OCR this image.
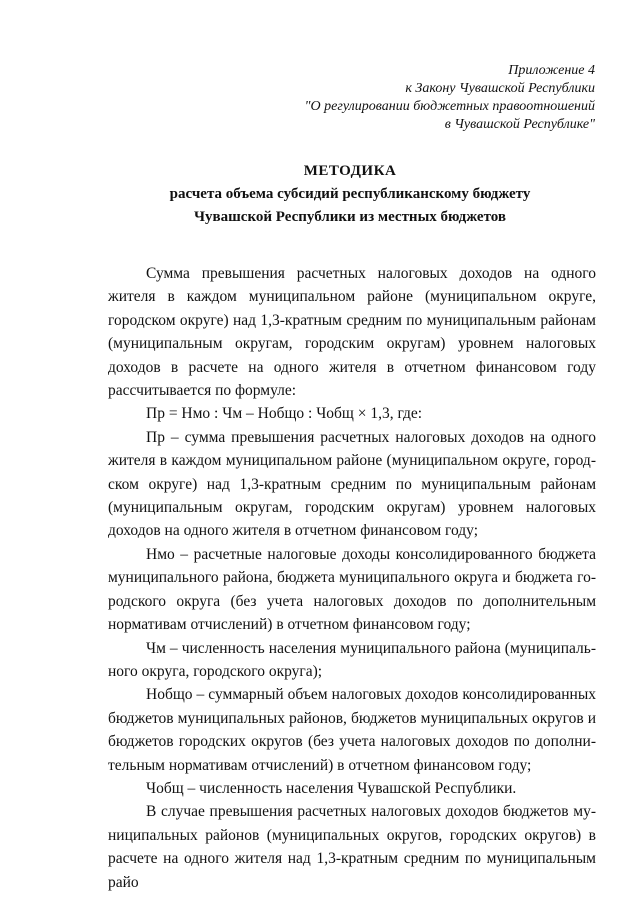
Приложение 4
к Закону Чувашской Республики
"О регулировании бюджетных правоотношений
в Чувашской Республике"
МЕТОДИКА
расчета объема субсидий республиканскому бюджету
Чувашской Республики из местных бюджетов

Сумма превышения расчетных налоговых доходов на одного жителя в каждом муниципальном районе (муниципальном округе, городском округе) над 1,3-кратным средним по муниципальным районам (муниципальным округам, городским округам) уровнем налоговых доходов в расчете на одного жителя в отчетном финансовом году рассчитывается по формуле:

Пр = Нмо : Чм – Нобщо : Чобщ × 1,3, где:

Пр – сумма превышения расчетных налоговых доходов на одного жителя в каждом муниципальном районе (муниципальном округе, городском округе) над 1,3-кратным средним по муниципальным районам (муниципальным округам, городским округам) уровнем налоговых доходов на одного жителя в отчетном финансовом году;

Нмо – расчетные налоговые доходы консолидированного бюджета муниципального района, бюджета муниципального округа и бюджета городского округа (без учета налоговых доходов по дополнительным нормативам отчислений) в отчетном финансовом году;

Чм – численность населения муниципального района (муниципального округа, городского округа);

Нобщо – суммарный объем налоговых доходов консолидированных бюджетов муниципальных районов, бюджетов муниципальных округов и бюджетов городских округов (без учета налоговых доходов по дополнительным нормативам отчислений) в отчетном финансовом году;

Чобщ – численность населения Чувашской Республики.

В случае превышения расчетных налоговых доходов бюджетов муниципальных районов (муниципальных округов, городских округов) в расчете на одного жителя над 1,3-кратным средним по муниципальным райо
